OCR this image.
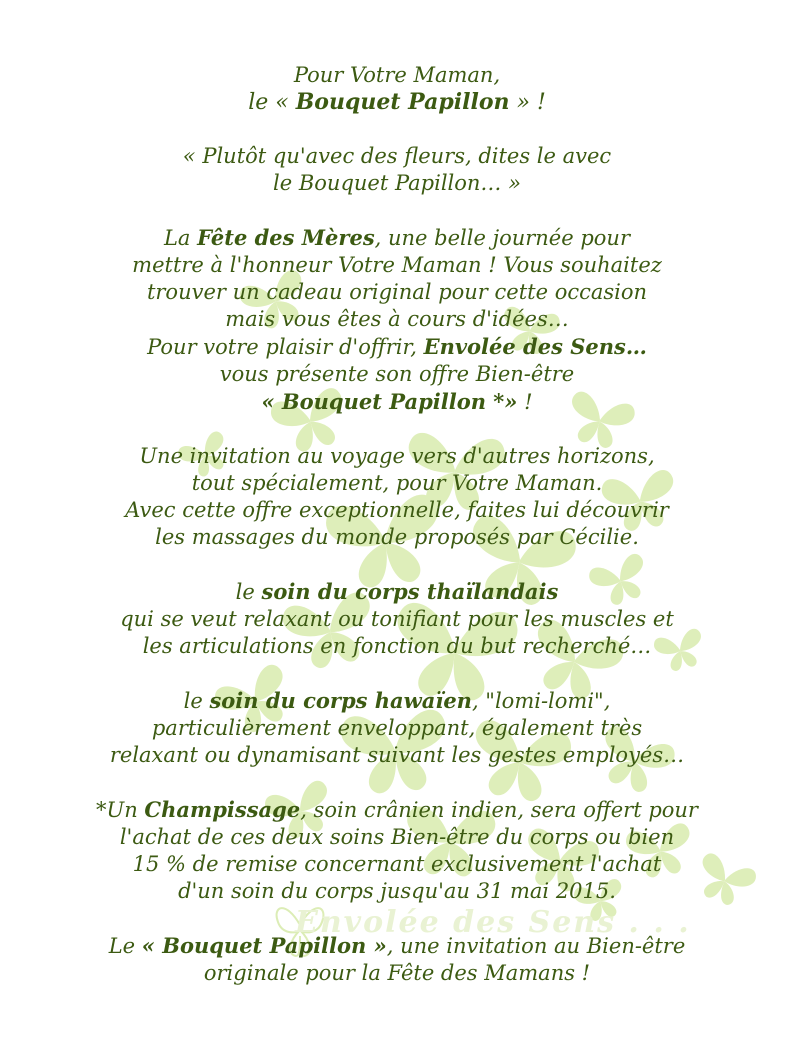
Envolée des Sens . . .

Pour Votre Maman,

le « Bouquet Papillon » !

« Plutôt qu'avec des fleurs, dites le avec

le Bouquet Papillon… »

La Fête des Mères, une belle journée pour

mettre à l'honneur Votre Maman ! Vous souhaitez

trouver un cadeau original pour cette occasion

mais vous êtes à cours d'idées…

Pour votre plaisir d'offrir, Envolée des Sens…

vous présente son offre Bien-être

« Bouquet Papillon *» !

Une invitation au voyage vers d'autres horizons,

tout spécialement, pour Votre Maman.

Avec cette offre exceptionnelle, faites lui découvrir

les massages du monde proposés par Cécilie.

le soin du corps thaïlandais

qui se veut relaxant ou tonifiant pour les muscles et

les articulations en fonction du but recherché…

le soin du corps hawaïen, "lomi-lomi",

particulièrement enveloppant, également très

relaxant ou dynamisant suivant les gestes employés…

*Un Champissage, soin crânien indien, sera offert pour

l'achat de ces deux soins Bien-être du corps ou bien

15 % de remise concernant exclusivement l'achat

d'un soin du corps jusqu'au 31 mai 2015.

Le « Bouquet Papillon », une invitation au Bien-être

originale pour la Fête des Mamans !
